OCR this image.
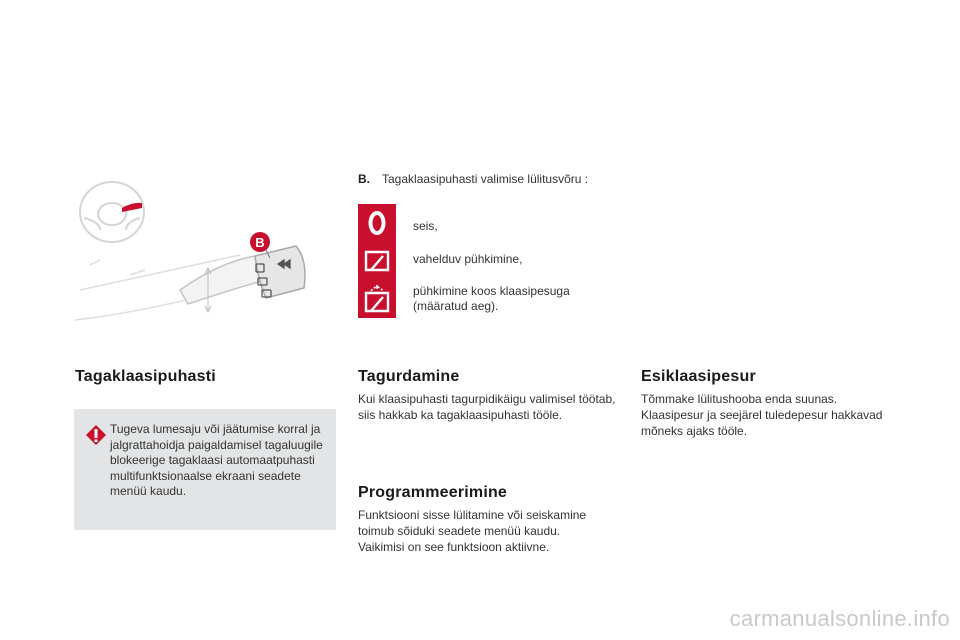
B
B. Tagaklaasipuhasti valimise lülitusvõru :
seis,
vahelduv pühkimine,
pühkimine koos klaasipesuga (määratud aeg).
Tagaklaasipuhasti
Tugeva lumesaju või jäätumise korral ja jalgrattahoidja paigaldamisel tagaluugile blokeerige tagaklaasi automaatpuhasti multifunktsionaalse ekraani seadete menüü kaudu.
Tagurdamine
Kui klaasipuhasti tagurpidikäigu valimisel töötab, siis hakkab ka tagaklaasipuhasti tööle.
Programmeerimine
Funktsiooni sisse lülitamine või seiskamine toimub sõiduki seadete menüü kaudu. Vaikimisi on see funktsioon aktiivne.
Esiklaasipesur
Tõmmake lülitushooba enda suunas. Klaasipesur ja seejärel tuledepesur hakkavad mõneks ajaks tööle.
carmanualsonline.info
